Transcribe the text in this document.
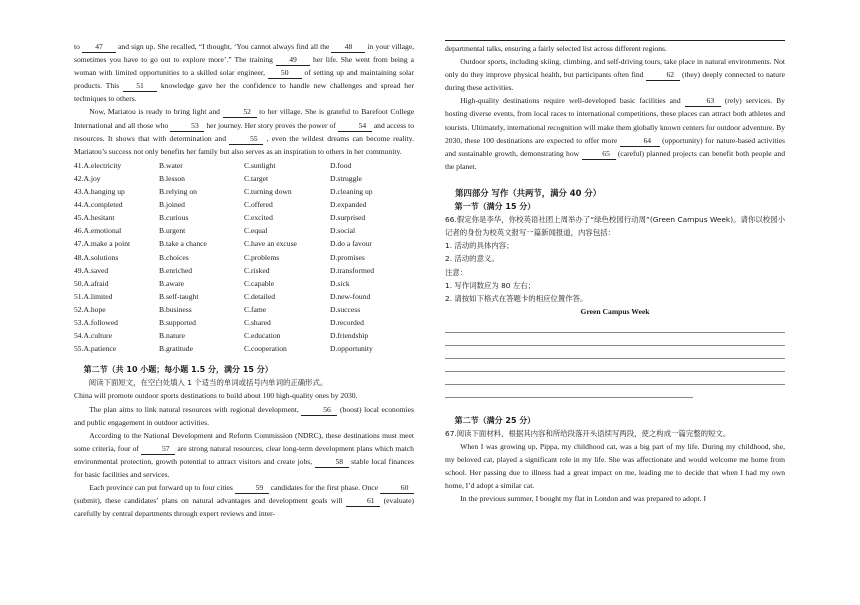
to 47 and sign up. She recalled, “I thought, ‘You cannot always find all the 48 in your village, sometimes you have to go out to explore more’.” The training 49 her life. She went from being a woman with limited opportunities to a skilled solar engineer, 50 of setting up and maintaining solar products. This 51 knowledge gave her the confidence to handle new challenges and spread her techniques to others.

Now, Mariatou is ready to bring light and	52 to her village. She is grateful to Barefoot College International and all those who	53 her journey. Her story proves the power of	54 and access to resources. It shows that with determination and	55 , even the wildest dreams can become reality. Mariatou’s success not only benefits her family but also serves as an inspiration to others in her community.

41.A.electricity	B.water	C.sunlight	D.food
42.A.joy	B.lesson	C.target	D.struggle
43.A.hanging up	B.relying on	C.turning down	D.cleaning up
44.A.completed	B.joined	C.offered	D.expanded
45.A.hesitant	B.curious	C.excited	D.surprised
46.A.emotional	B.urgent	C.equal	D.social
47.A.make a point	B.take a chance	C.have an excuse	D.do a favour
48.A.solutions	B.choices	C.problems	D.promises
49.A.saved	B.enriched	C.risked	D.transformed
50.A.afraid	B.aware	C.capable	D.sick
51.A.limited	B.self-taught	C.detailed	D.new-found
52.A.hope	B.business	C.fame	D.success
53.A.followed	B.supported	C.shared	D.recorded
54.A.culture	B.nature	C.education	D.friendship
55.A.patience	B.gratitude	C.cooperation	D.opportunity

第二节（共 10 小题；每小题 1.5 分，满分 15 分）

阅读下面短文，在空白处填入 1 个适当的单词或括号内单词的正确形式。

China will promote outdoor sports destinations to build about 100 high-quality ones by 2030.

The plan aims to link natural resources with regional development,	56 (boost) local economies and public engagement in outdoor activities.

According to the National Development and Reform Commission (NDRC), these destinations must meet some criteria, four of	57 are strong natural resources, clear long-term development plans which match environmental protection, growth potential to attract visitors and create jobs,	58 stable local finances for basic facilities and services.

Each province can put forward up to four cities	59 candidates for the first phase. Once	60 (submit), these candidates’ plans on natural advantages and development goals will	61 (evaluate) carefully by central departments through expert reviews and inter-

departmental talks, ensuring a fairly selected list across different regions.

Outdoor sports, including skiing, climbing, and self-driving tours, take place in natural environments. Not only do they improve physical health, but participants often find	62 (they) deeply connected to nature during these activities.

High-quality destinations require well-developed basic facilities and	63 (rely) services. By hosting diverse events, from local races to international competitions, these places can attract both athletes and tourists. Ultimately, international recognition will make them globally known centers for outdoor adventure. By 2030, these 100 destinations are expected to offer more	64 (opportunity) for nature-based activities and sustainable growth, demonstrating how	65 (careful) planned projects can benefit both people and the planet.

第四部分 写作（共两节，满分 40 分）

第一节（满分 15 分）

66.假定你是李华，你校英语社团上周举办了“绿色校园行动周”(Green Campus Week)。请你以校园小记者的身份为校英文报写一篇新闻报道，内容包括：

1. 活动的具体内容；

2. 活动的意义。

注意：

1. 写作词数应为 80 左右；

2. 请按如下格式在答题卡的相应位置作答。

Green Campus Week

第二节（满分 25 分）

67.阅读下面材料，根据其内容和所给段落开头语续写两段，使之构成一篇完整的短文。

When I was growing up, Pippa, my childhood cat, was a big part of my life. During my childhood, she, my beloved cat, played a significant role in my life. She was affectionate and would welcome me home from school. Her passing due to illness had a great impact on me, leading me to decide that when I had my own home, I’d adopt a similar cat.

In the previous summer, I bought my flat in London and was prepared to adopt. I
